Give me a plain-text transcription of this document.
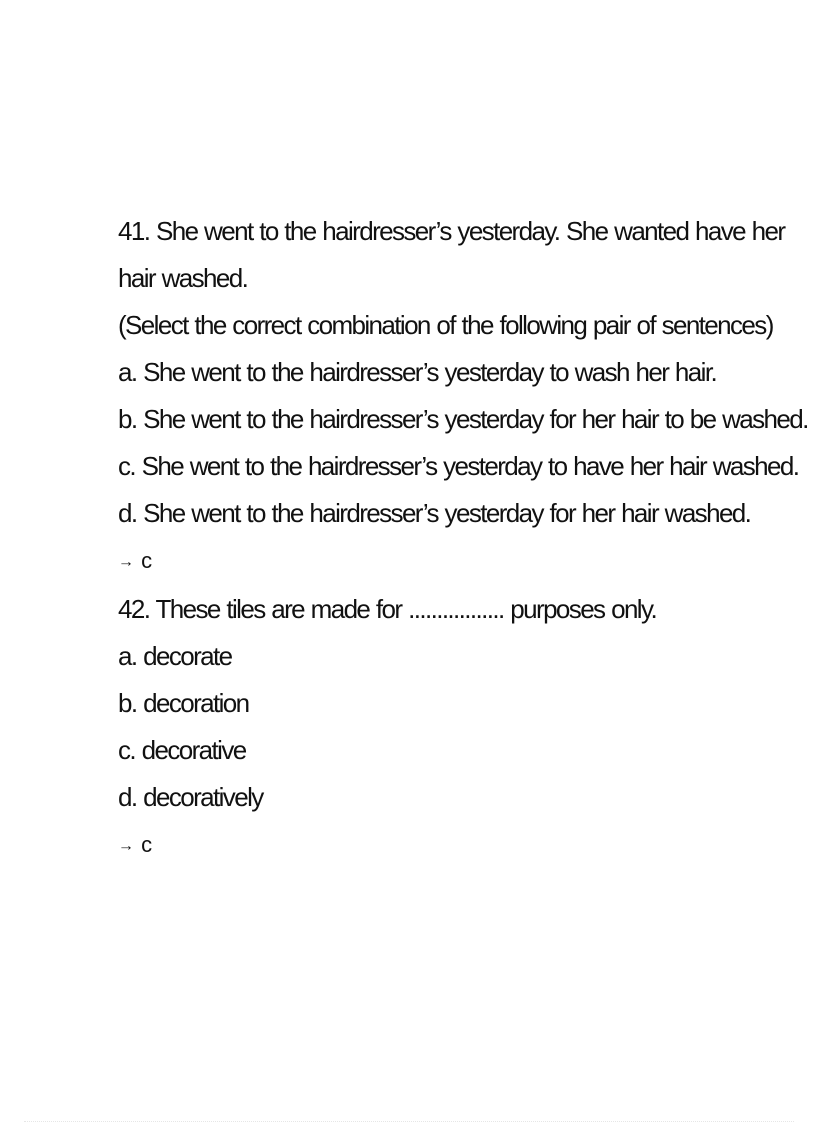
41. She went to the hairdresser’s yesterday. She wanted have her
hair washed.
(Select the correct combination of the following pair of sentences)
a. She went to the hairdresser’s yesterday to wash her hair.
b. She went to the hairdresser’s yesterday for her hair to be washed.
c. She went to the hairdresser’s yesterday to have her hair washed.
d. She went to the hairdresser’s yesterday for her hair washed.
→ c
42. These tiles are made for ................. purposes only.
a. decorate
b. decoration
c. decorative
d. decoratively
→ c
